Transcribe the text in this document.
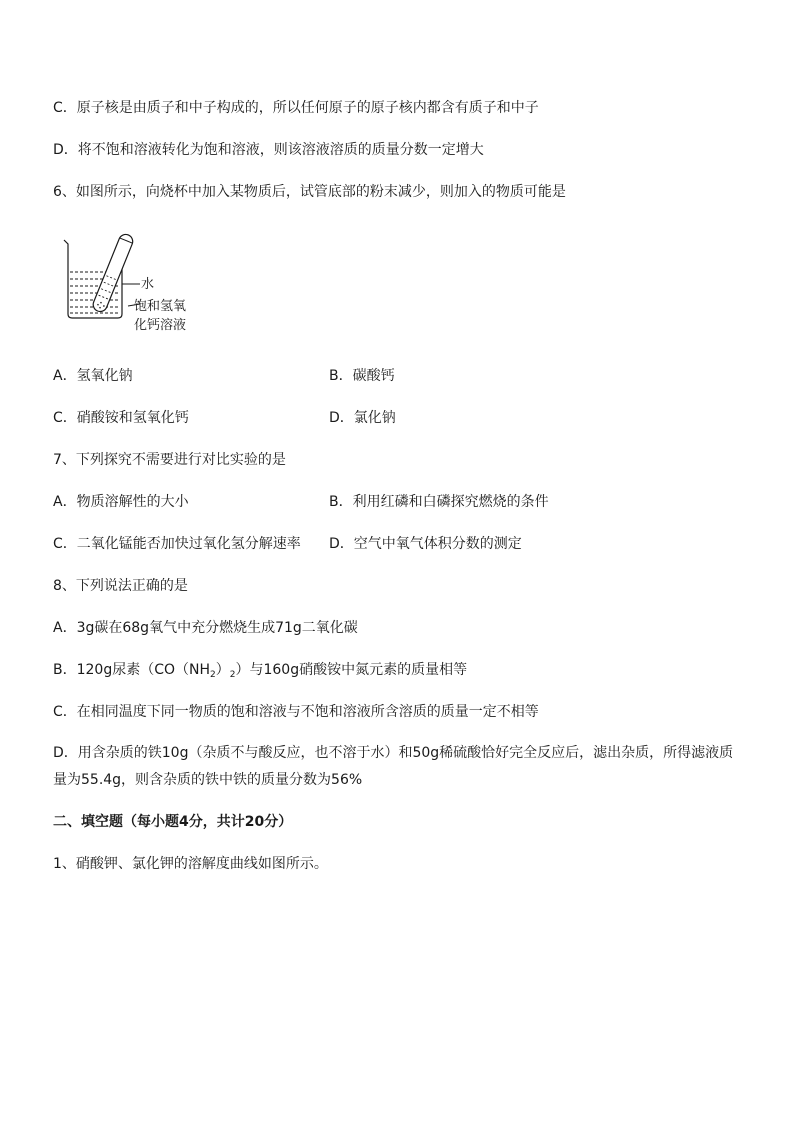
C．原子核是由质子和中子构成的，所以任何原子的原子核内都含有质子和中子
D．将不饱和溶液转化为饱和溶液，则该溶液溶质的质量分数一定增大
6、如图所示，向烧杯中加入某物质后，试管底部的粉末减少，则加入的物质可能是
水
饱和氢氧
化钙溶液
A．氢氧化钠	B．碳酸钙
C．硝酸铵和氢氧化钙	D．氯化钠
7、下列探究不需要进行对比实验的是
A．物质溶解性的大小	B．利用红磷和白磷探究燃烧的条件
C．二氧化锰能否加快过氧化氢分解速率 D．空气中氧气体积分数的测定
8、下列说法正确的是
A．3g碳在68g氧气中充分燃烧生成71g二氧化碳
B．120g尿素$(CO(NH_2)_2)$与160g硝酸铵中氮元素的质量相等
C．在相同温度下同一物质的饱和溶液与不饱和溶液所含溶质的质量一定不相等
D．用含杂质的铁10g（杂质不与酸反应，也不溶于水）和50g稀硫酸恰好完全反应后，滤出杂质，所得滤液质量为55.4g，则含杂质的铁中铁的质量分数为56%
二、填空题（每小题4分，共计20分）
1、硝酸钾、氯化钾的溶解度曲线如图所示。
